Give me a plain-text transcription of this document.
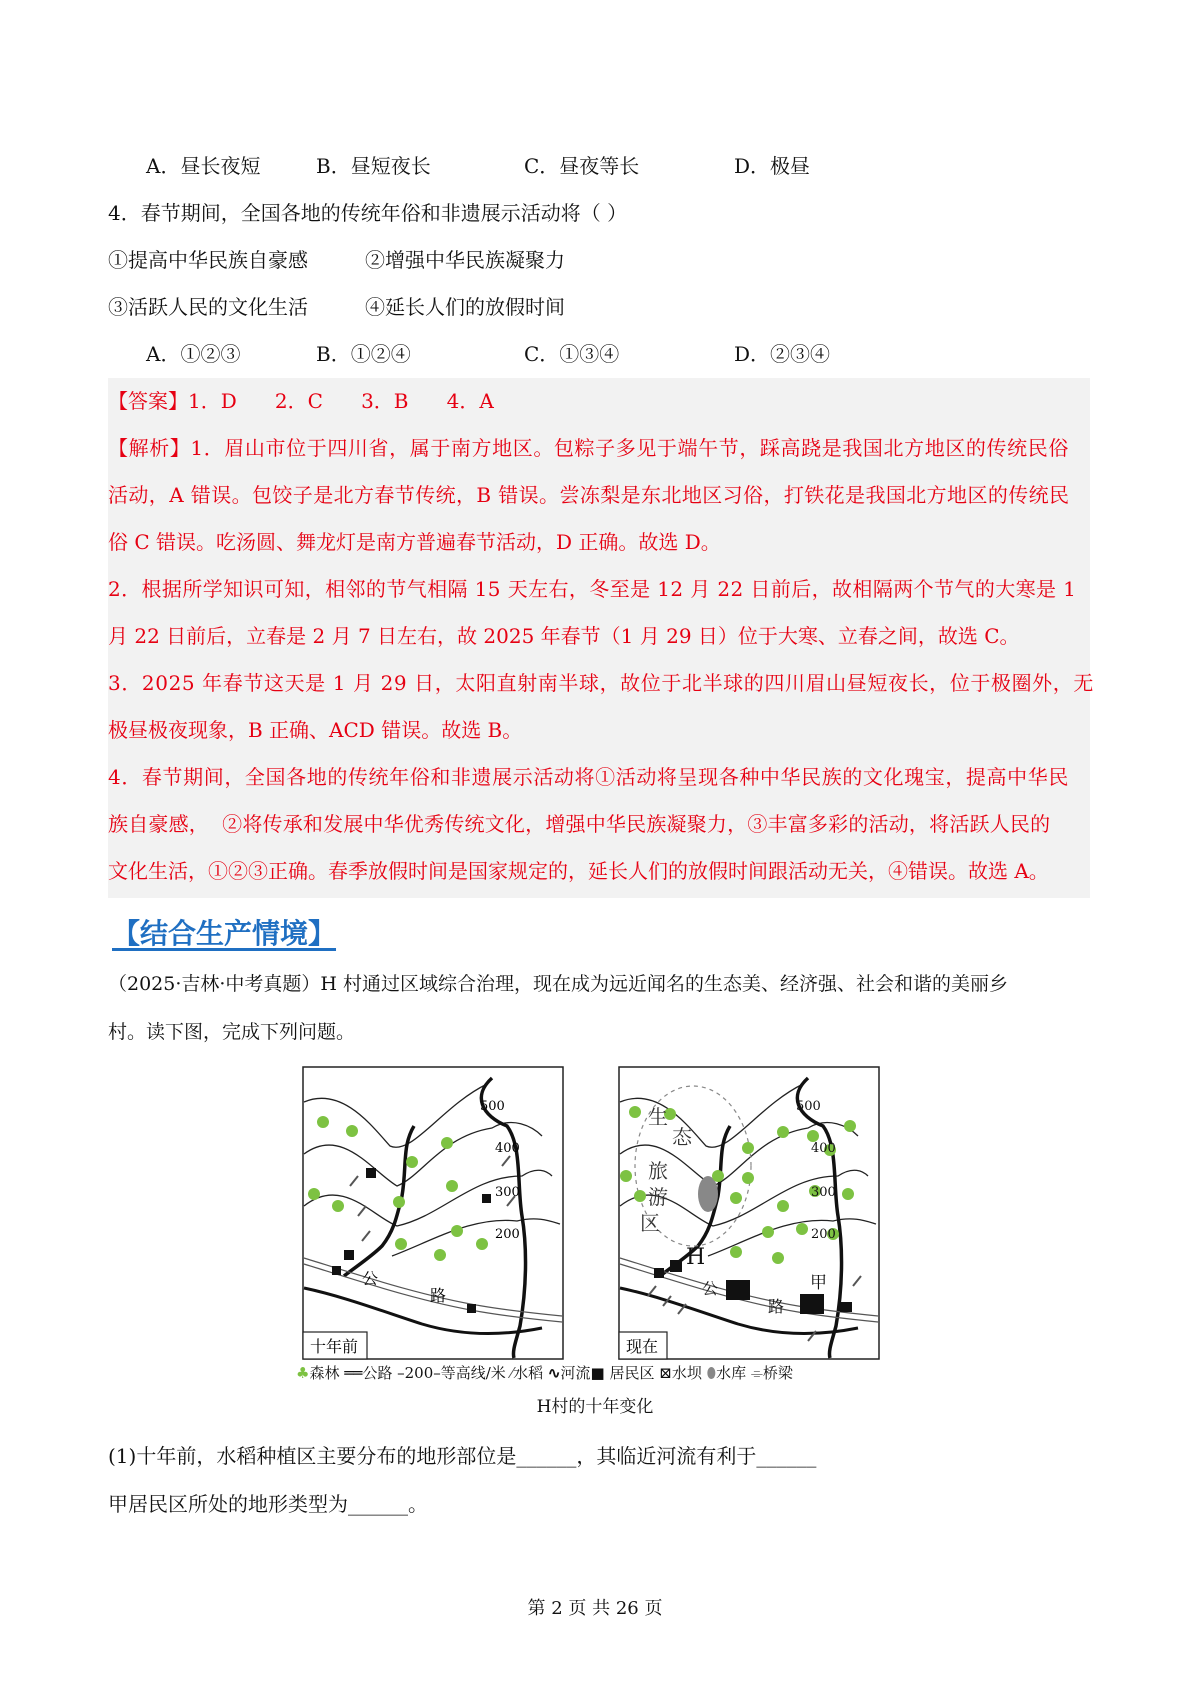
A．昼长夜短	B．昼短夜长	C．昼夜等长	D．极昼
4．春节期间，全国各地的传统年俗和非遗展示活动将（ ）
①提高中华民族自豪感	②增强中华民族凝聚力
③活跃人民的文化生活	④延长人们的放假时间
A．①②③	B．①②④	C．①③④	D．②③④
【答案】1．D      2．C      3．B      4．A
【解析】1．眉山市位于四川省，属于南方地区。包粽子多见于端午节，踩高跷是我国北方地区的传统民俗
活动，A 错误。包饺子是北方春节传统，B 错误。尝冻梨是东北地区习俗，打铁花是我国北方地区的传统民
俗 C 错误。吃汤圆、舞龙灯是南方普遍春节活动，D 正确。故选 D。
2．根据所学知识可知，相邻的节气相隔 15 天左右，冬至是 12 月 22 日前后，故相隔两个节气的大寒是 1
月 22 日前后，立春是 2 月 7 日左右，故 2025 年春节（1 月 29 日）位于大寒、立春之间，故选 C。
3．2025 年春节这天是 1 月 29 日，太阳直射南半球，故位于北半球的四川眉山昼短夜长，位于极圈外，无
极昼极夜现象，B 正确、ACD 错误。故选 B。
4．春节期间，全国各地的传统年俗和非遗展示活动将①活动将呈现各种中华民族的文化瑰宝，提高中华民
族自豪感，  ②将传承和发展中华优秀传统文化，增强中华民族凝聚力，③丰富多彩的活动，将活跃人民的
文化生活，①②③正确。春季放假时间是国家规定的，延长人们的放假时间跟活动无关，④错误。故选 A。
【结合生产情境】
（2025·吉林·中考真题）H 村通过区域综合治理，现在成为远近闻名的生态美、经济强、社会和谐的美丽乡
村。读下图，完成下列问题。
500
400
300
200
公
路
十年前
生
态
旅
游
区
H
甲
500
400
300
200
公
路
现在
♣森林 ══公路 –200–等高线/米 ⁄水稻 ∿河流■ 居民区 ⊠水坝 ⬮水库 ⌯桥梁
H村的十年变化
(1)十年前，水稻种植区主要分布的地形部位是______，其临近河流有利于______
甲居民区所处的地形类型为______。
第 2 页 共 26 页
